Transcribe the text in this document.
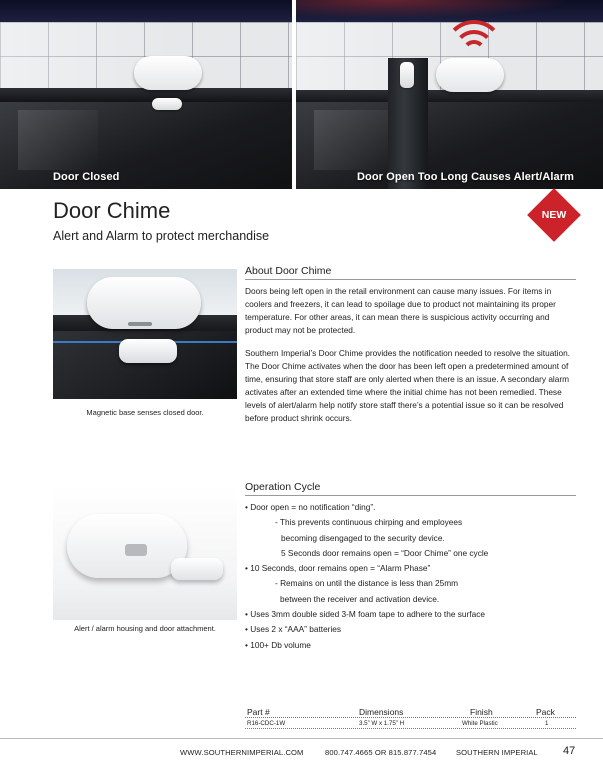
Door Closed	Door Open Too Long Causes Alert/Alarm
Door Chime
Alert and Alarm to protect merchandise
NEW
Magnetic base senses closed door.
About Door Chime

Doors being left open in the retail environment can cause many issues. For items in coolers and freezers, it can lead to spoilage due to product not maintaining its proper temperature. For other areas, it can mean there is suspicious activity occurring and product may not be protected.

Southern Imperial’s Door Chime provides the notification needed to resolve the situation. The Door Chime activates when the door has been left open a predetermined amount of time, ensuring that store staff are only alerted when there is an issue. A secondary alarm activates after an extended time where the initial chime has not been remedied. These levels of alert/alarm help notify store staff there’s a potential issue so it can be resolved before product shrink occurs.

Alert / alarm housing and door attachment.
Operation Cycle
• Door open = no notification “ding”.
- This prevents continuous chirping and employees
becoming disengaged to the security device.
5 Seconds door remains open = “Door Chime” one cycle
• 10 Seconds, door remains open = “Alarm Phase”
- Remains on until the distance is less than 25mm
between the receiver and activation device.
• Uses 3mm double sided 3-M foam tape to adhere to the surface
• Uses 2 x “AAA” batteries
• 100+ Db volume
Part #	Dimensions	Finish	Pack
R16-CDC-1W	3.5” W x 1.75” H	White Plastic	1
WWW.SOUTHERNIMPERIAL.COM	800.747.4665 OR 815.877.7454	SOUTHERN IMPERIAL 47
